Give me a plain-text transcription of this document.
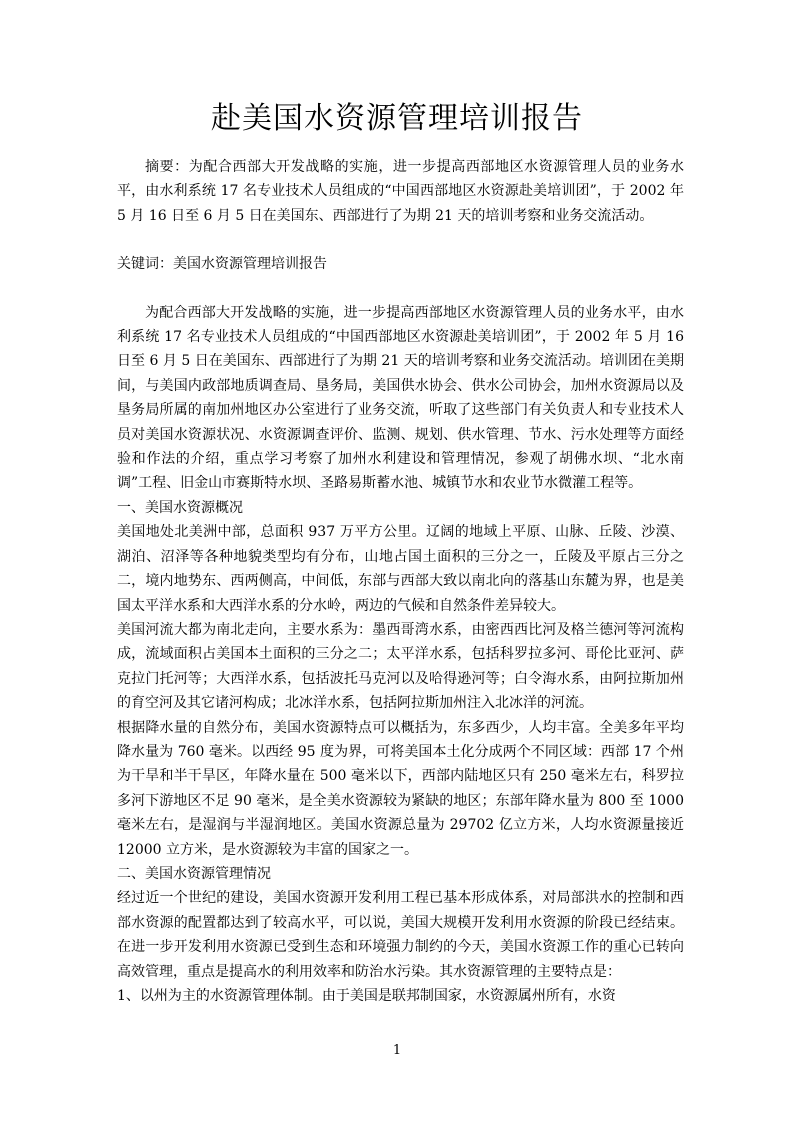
赴美国水资源管理培训报告

摘要：为配合西部大开发战略的实施，进一步提高西部地区水资源管理人员的业务水平，由水利系统 17 名专业技术人员组成的“中国西部地区水资源赴美培训团”，于 2002 年 5 月 16 日至 6 月 5 日在美国东、西部进行了为期 21 天的培训考察和业务交流活动。

关键词：美国水资源管理培训报告

为配合西部大开发战略的实施，进一步提高西部地区水资源管理人员的业务水平，由水利系统 17 名专业技术人员组成的“中国西部地区水资源赴美培训团”，于 2002 年 5 月 16 日至 6 月 5 日在美国东、西部进行了为期 21 天的培训考察和业务交流活动。培训团在美期间，与美国内政部地质调查局、垦务局，美国供水协会、供水公司协会，加州水资源局以及垦务局所属的南加州地区办公室进行了业务交流，听取了这些部门有关负责人和专业技术人员对美国水资源状况、水资源调查评价、监测、规划、供水管理、节水、污水处理等方面经验和作法的介绍，重点学习考察了加州水利建设和管理情况，参观了胡佛水坝、“北水南调”工程、旧金山市赛斯特水坝、圣路易斯蓄水池、城镇节水和农业节水微灌工程等。

一、美国水资源概况

美国地处北美洲中部，总面积 937 万平方公里。辽阔的地域上平原、山脉、丘陵、沙漠、湖泊、沼泽等各种地貌类型均有分布，山地占国土面积的三分之一，丘陵及平原占三分之二，境内地势东、西两侧高，中间低，东部与西部大致以南北向的落基山东麓为界，也是美国太平洋水系和大西洋水系的分水岭，两边的气候和自然条件差异较大。

美国河流大都为南北走向，主要水系为：墨西哥湾水系，由密西西比河及格兰德河等河流构成，流域面积占美国本土面积的三分之二；太平洋水系，包括科罗拉多河、哥伦比亚河、萨克拉门托河等；大西洋水系，包括波托马克河以及哈得逊河等；白令海水系，由阿拉斯加州的育空河及其它诸河构成；北冰洋水系，包括阿拉斯加州注入北冰洋的河流。

根据降水量的自然分布，美国水资源特点可以概括为，东多西少，人均丰富。全美多年平均降水量为 760 毫米。以西经 95 度为界，可将美国本土化分成两个不同区域：西部 17 个州为干旱和半干旱区，年降水量在 500 毫米以下，西部内陆地区只有 250 毫米左右，科罗拉多河下游地区不足 90 毫米，是全美水资源较为紧缺的地区；东部年降水量为 800 至 1000 毫米左右，是湿润与半湿润地区。美国水资源总量为 29702 亿立方米，人均水资源量接近 12000 立方米，是水资源较为丰富的国家之一。

二、美国水资源管理情况

经过近一个世纪的建设，美国水资源开发利用工程已基本形成体系，对局部洪水的控制和西部水资源的配置都达到了较高水平，可以说，美国大规模开发利用水资源的阶段已经结束。在进一步开发利用水资源已受到生态和环境强力制约的今天，美国水资源工作的重心已转向高效管理，重点是提高水的利用效率和防治水污染。其水资源管理的主要特点是：

1、以州为主的水资源管理体制。由于美国是联邦制国家，水资源属州所有，水资

1
